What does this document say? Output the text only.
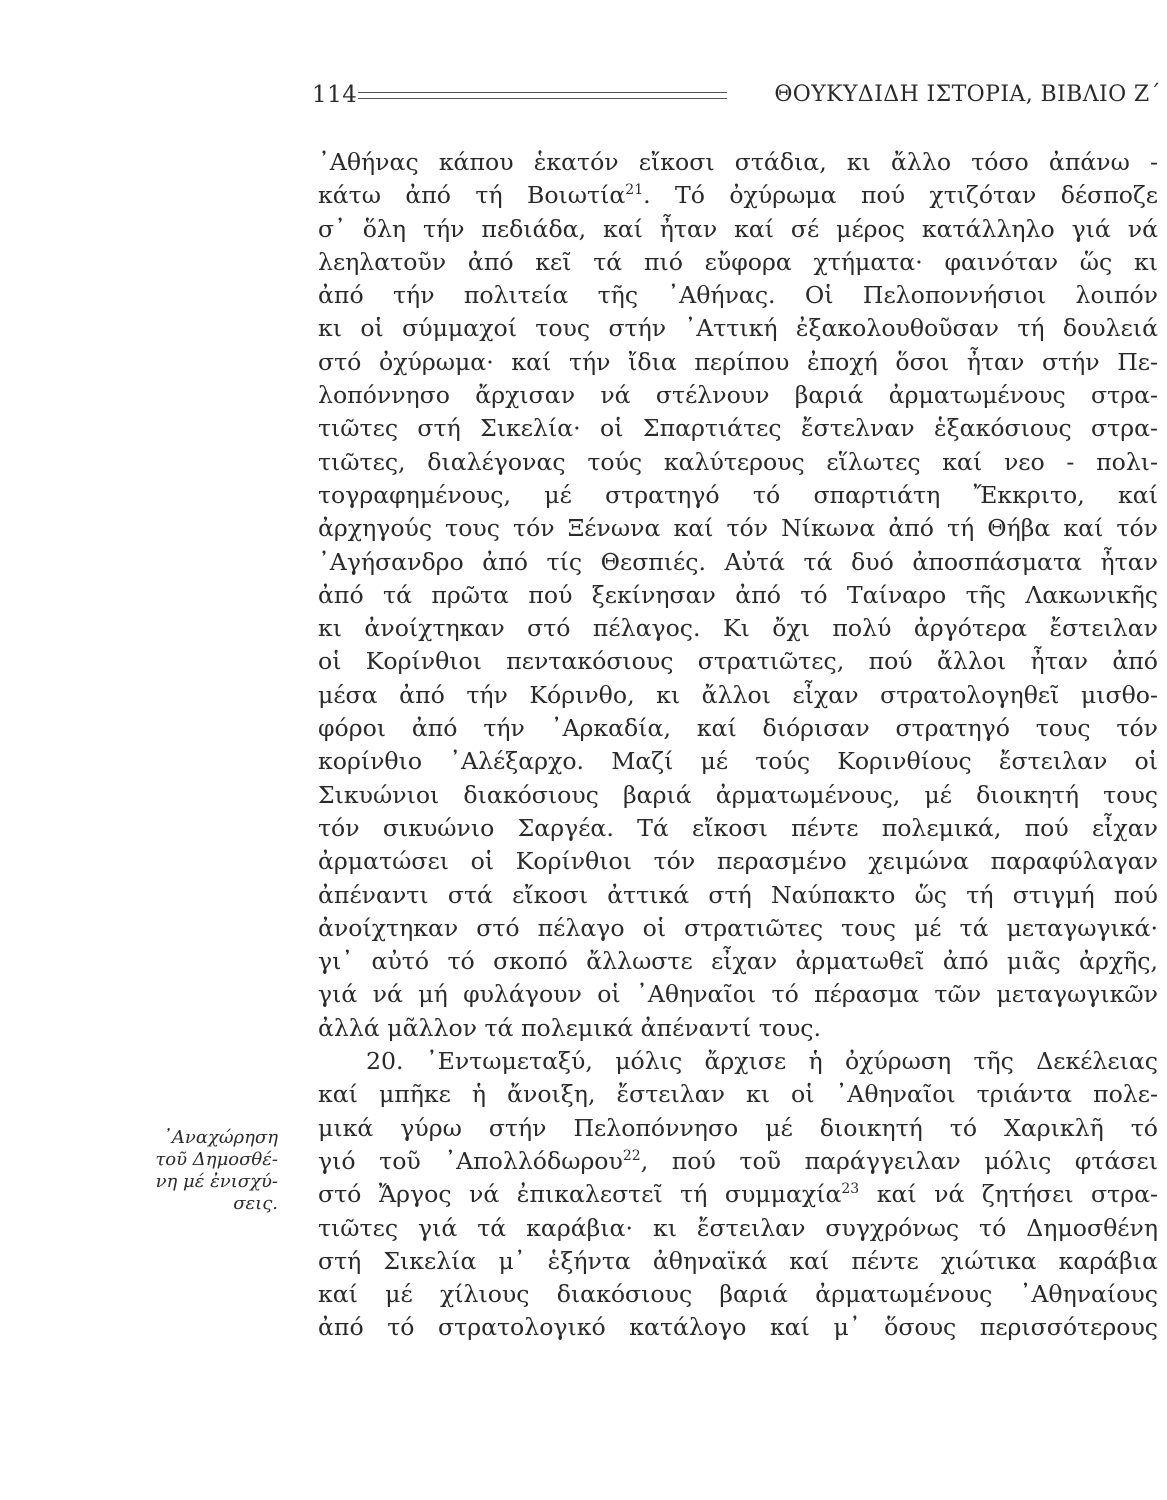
114	ΘΟΥΚΥΔΙΔΗ ΙΣΤΟΡΙΑ, ΒΙΒΛΙΟ Ζ΄
᾿Αθήνας κάπου ἑκατόν εἴκοσι στάδια, κι ἄλλο τόσο ἀπάνω -
κάτω ἀπό τή Βοιωτία$^{21}$. Τό ὀχύρωμα πού χτιζόταν δέσποζε
σ᾿ ὅλη τήν πεδιάδα, καί ἦταν καί σέ μέρος κατάλληλο γιά νά
λεηλατοῦν ἀπό κεῖ τά πιό εὔφορα χτήματα· φαινόταν ὥς κι
ἀπό τήν πολιτεία τῆς ᾿Αθήνας. Οἱ Πελοποννήσιοι λοιπόν
κι οἱ σύμμαχοί τους στήν ᾿Αττική ἐξακολουθοῦσαν τή δουλειά
στό ὀχύρωμα· καί τήν ἴδια περίπου ἐποχή ὅσοι ἦταν στήν Πε-
λοπόννησο ἄρχισαν νά στέλνουν βαριά ἀρματωμένους στρα-
τιῶτες στή Σικελία· οἱ Σπαρτιάτες ἔστελναν ἑξακόσιους στρα-
τιῶτες, διαλέγονας τούς καλύτερους εἵλωτες καί νεο - πολι-
τογραφημένους, μέ στρατηγό τό σπαρτιάτη Ἔκκριτο, καί
ἀρχηγούς τους τόν Ξένωνα καί τόν Νίκωνα ἀπό τή Θήβα καί τόν
᾿Αγήσανδρο ἀπό τίς Θεσπιές. Αὐτά τά δυό ἀποσπάσματα ἦταν
ἀπό τά πρῶτα πού ξεκίνησαν ἀπό τό Ταίναρο τῆς Λακωνικῆς
κι ἀνοίχτηκαν στό πέλαγος. Κι ὄχι πολύ ἀργότερα ἔστειλαν
οἱ Κορίνθιοι πεντακόσιους στρατιῶτες, πού ἄλλοι ἦταν ἀπό
μέσα ἀπό τήν Κόρινθο, κι ἄλλοι εἶχαν στρατολογηθεῖ μισθο-
φόροι ἀπό τήν ᾿Αρκαδία, καί διόρισαν στρατηγό τους τόν
κορίνθιο ᾿Αλέξαρχο. Μαζί μέ τούς Κορινθίους ἔστειλαν οἱ
Σικυώνιοι διακόσιους βαριά ἀρματωμένους, μέ διοικητή τους
τόν σικυώνιο Σαργέα. Τά εἴκοσι πέντε πολεμικά, πού εἶχαν
ἀρματώσει οἱ Κορίνθιοι τόν περασμένο χειμώνα παραφύλαγαν
ἀπέναντι στά εἴκοσι ἀττικά στή Ναύπακτο ὥς τή στιγμή πού
ἀνοίχτηκαν στό πέλαγο οἱ στρατιῶτες τους μέ τά μεταγωγικά·
γι᾿ αὐτό τό σκοπό ἄλλωστε εἶχαν ἀρματωθεῖ ἀπό μιᾶς ἀρχῆς,
γιά νά μή φυλάγουν οἱ ᾿Αθηναῖοι τό πέρασμα τῶν μεταγωγικῶν
ἀλλά μᾶλλον τά πολεμικά ἀπέναντί τους.
20. ᾿Εντωμεταξύ, μόλις ἄρχισε ἡ ὀχύρωση τῆς Δεκέλειας
καί μπῆκε ἡ ἄνοιξη, ἔστειλαν κι οἱ ᾿Αθηναῖοι τριάντα πολε-
μικά γύρω στήν Πελοπόννησο μέ διοικητή τό Χαρικλῆ τό
γιό τοῦ ᾿Απολλόδωρου$^{22}$, πού τοῦ παράγγειλαν μόλις φτάσει
στό Ἄργος νά ἐπικαλεστεῖ τή συμμαχία$^{23}$ καί νά ζητήσει στρα-
τιῶτες γιά τά καράβια· κι ἔστειλαν συγχρόνως τό Δημοσθένη
στή Σικελία μ᾿ ἑξήντα ἀθηναϊκά καί πέντε χιώτικα καράβια
καί μέ χίλιους διακόσιους βαριά ἀρματωμένους ᾿Αθηναίους
ἀπό τό στρατολογικό κατάλογο καί μ᾿ ὅσους περισσότερους
᾿Αναχώρηση
τοῦ Δημοσθέ-
νη μέ ἐνισχύ-
σεις.
